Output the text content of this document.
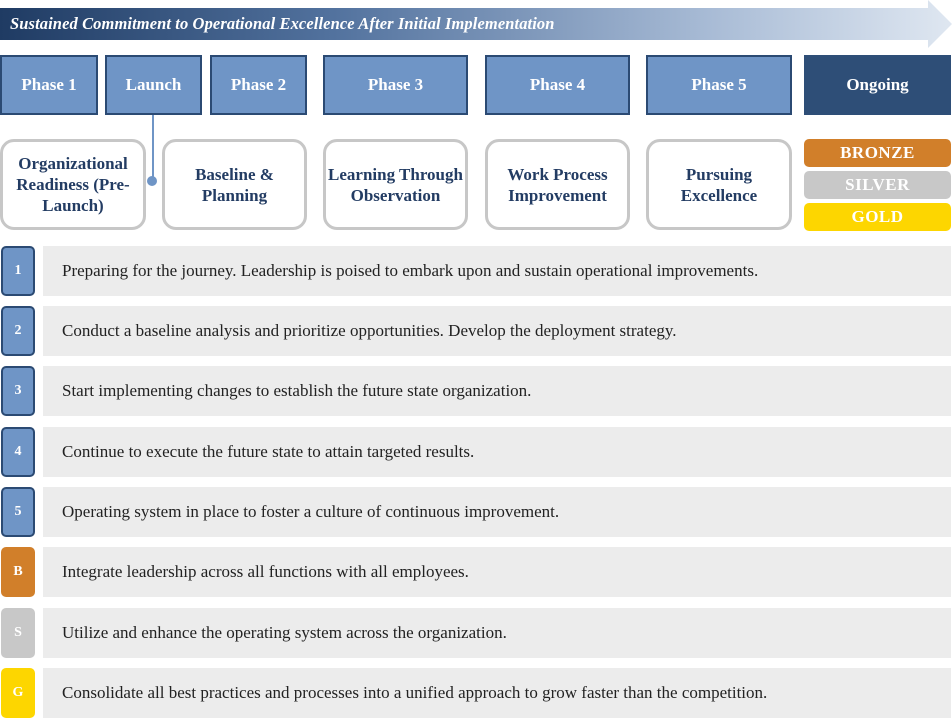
Sustained Commitment to Operational Excellence After Initial Implementation
Phase 1	Launch	Phase 2	Phase 3	Phase 4	Phase 5	Ongoing
Organizational Readiness (Pre-Launch)
Baseline & Planning
Learning Through Observation
Work Process Improvement
Pursuing Excellence
BRONZE
SILVER
GOLD
1	Preparing for the journey. Leadership is poised to embark upon and sustain operational improvements.
2	Conduct a baseline analysis and prioritize opportunities. Develop the deployment strategy.
3	Start implementing changes to establish the future state organization.
4	Continue to execute the future state to attain targeted results.
5	Operating system in place to foster a culture of continuous improvement.
B	Integrate leadership across all functions with all employees.
S	Utilize and enhance the operating system across the organization.
G	Consolidate all best practices and processes into a unified approach to grow faster than the competition.
